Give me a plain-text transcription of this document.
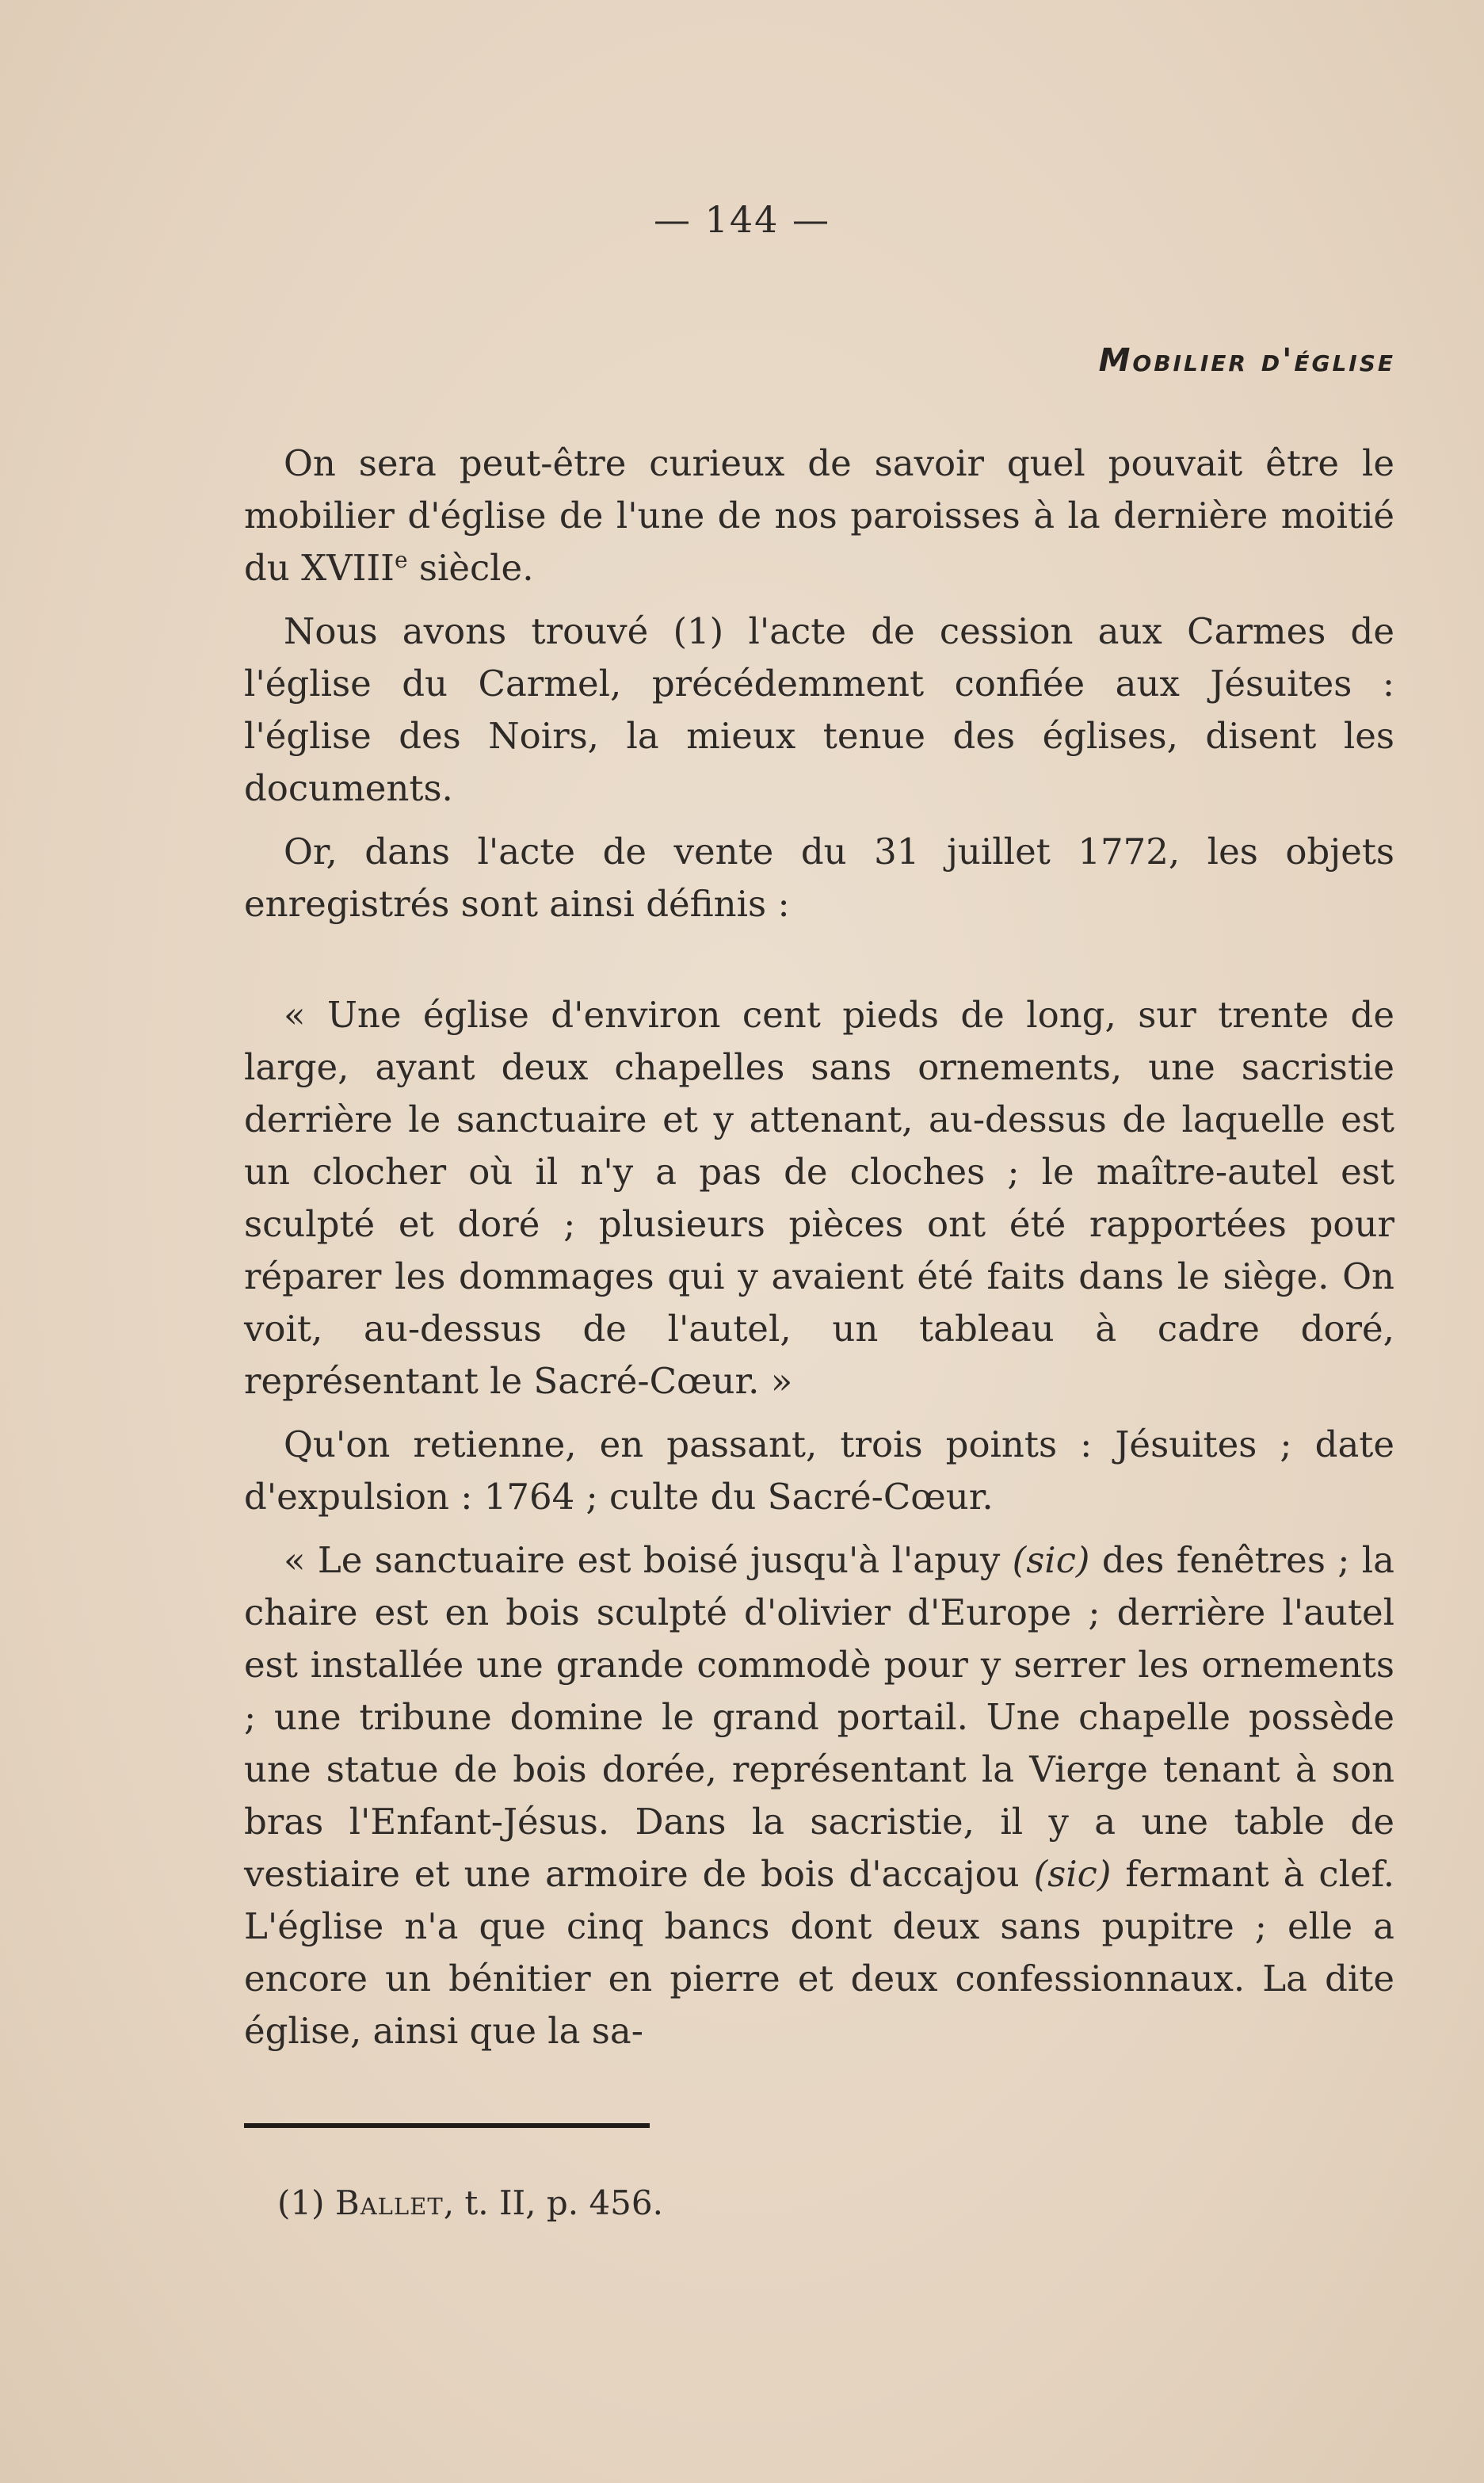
— 144 —
Mobilier d'église

On sera peut-être curieux de savoir quel pouvait être le mobilier d'église de l'une de nos paroisses à la dernière moitié du XVIIIe siècle.

Nous avons trouvé (1) l'acte de cession aux Carmes de l'église du Carmel, précédemment confiée aux Jésuites : l'église des Noirs, la mieux tenue des églises, disent les documents.

Or, dans l'acte de vente du 31 juillet 1772, les objets enregistrés sont ainsi définis :

« Une église d'environ cent pieds de long, sur trente de large, ayant deux chapelles sans ornements, une sacristie derrière le sanctuaire et y attenant, au-dessus de laquelle est un clocher où il n'y a pas de cloches ; le maître-autel est sculpté et doré ; plusieurs pièces ont été rapportées pour réparer les dommages qui y avaient été faits dans le siège. On voit, au-dessus de l'autel, un tableau à cadre doré, représentant le Sacré-Cœur. »

Qu'on retienne, en passant, trois points : Jésuites ; date d'expulsion : 1764 ; culte du Sacré-Cœur.

« Le sanctuaire est boisé jusqu'à l'apuy (sic) des fenêtres ; la chaire est en bois sculpté d'olivier d'Europe ; derrière l'autel est installée une grande commodè pour y serrer les ornements ; une tribune domine le grand portail. Une chapelle possède une statue de bois dorée, représentant la Vierge tenant à son bras l'Enfant-Jésus. Dans la sacristie, il y a une table de vestiaire et une armoire de bois d'accajou (sic) fermant à clef. L'église n'a que cinq bancs dont deux sans pupitre ; elle a encore un bénitier en pierre et deux confessionnaux. La dite église, ainsi que la sa-

(1) Ballet, t. II, p. 456.
